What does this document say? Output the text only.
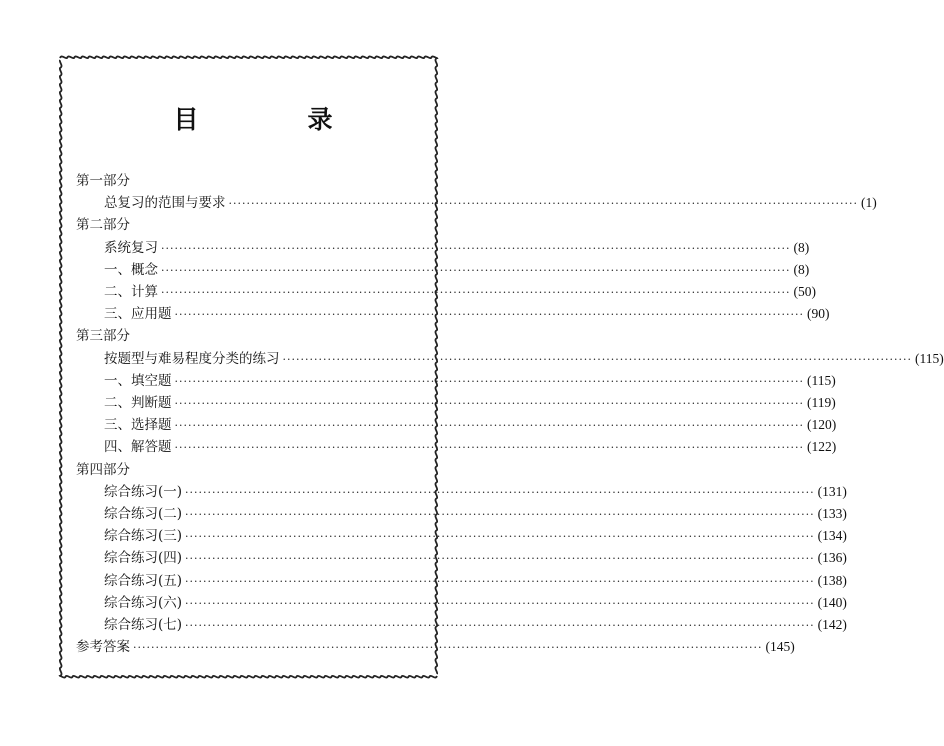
目　录
第一部分
总复习的范围与要求 ············································································································································ (1)
第二部分
系统复习 ············································································································································ (8)
一、概念 ············································································································································ (8)
二、计算 ············································································································································ (50)
三、应用题 ············································································································································ (90)
第三部分
按题型与难易程度分类的练习 ············································································································································ (115)
一、填空题 ············································································································································ (115)
二、判断题 ············································································································································ (119)
三、选择题 ············································································································································ (120)
四、解答题 ············································································································································ (122)
第四部分
综合练习(一) ············································································································································ (131)
综合练习(二) ············································································································································ (133)
综合练习(三) ············································································································································ (134)
综合练习(四) ············································································································································ (136)
综合练习(五) ············································································································································ (138)
综合练习(六) ············································································································································ (140)
综合练习(七) ············································································································································ (142)
参考答案 ············································································································································ (145)
